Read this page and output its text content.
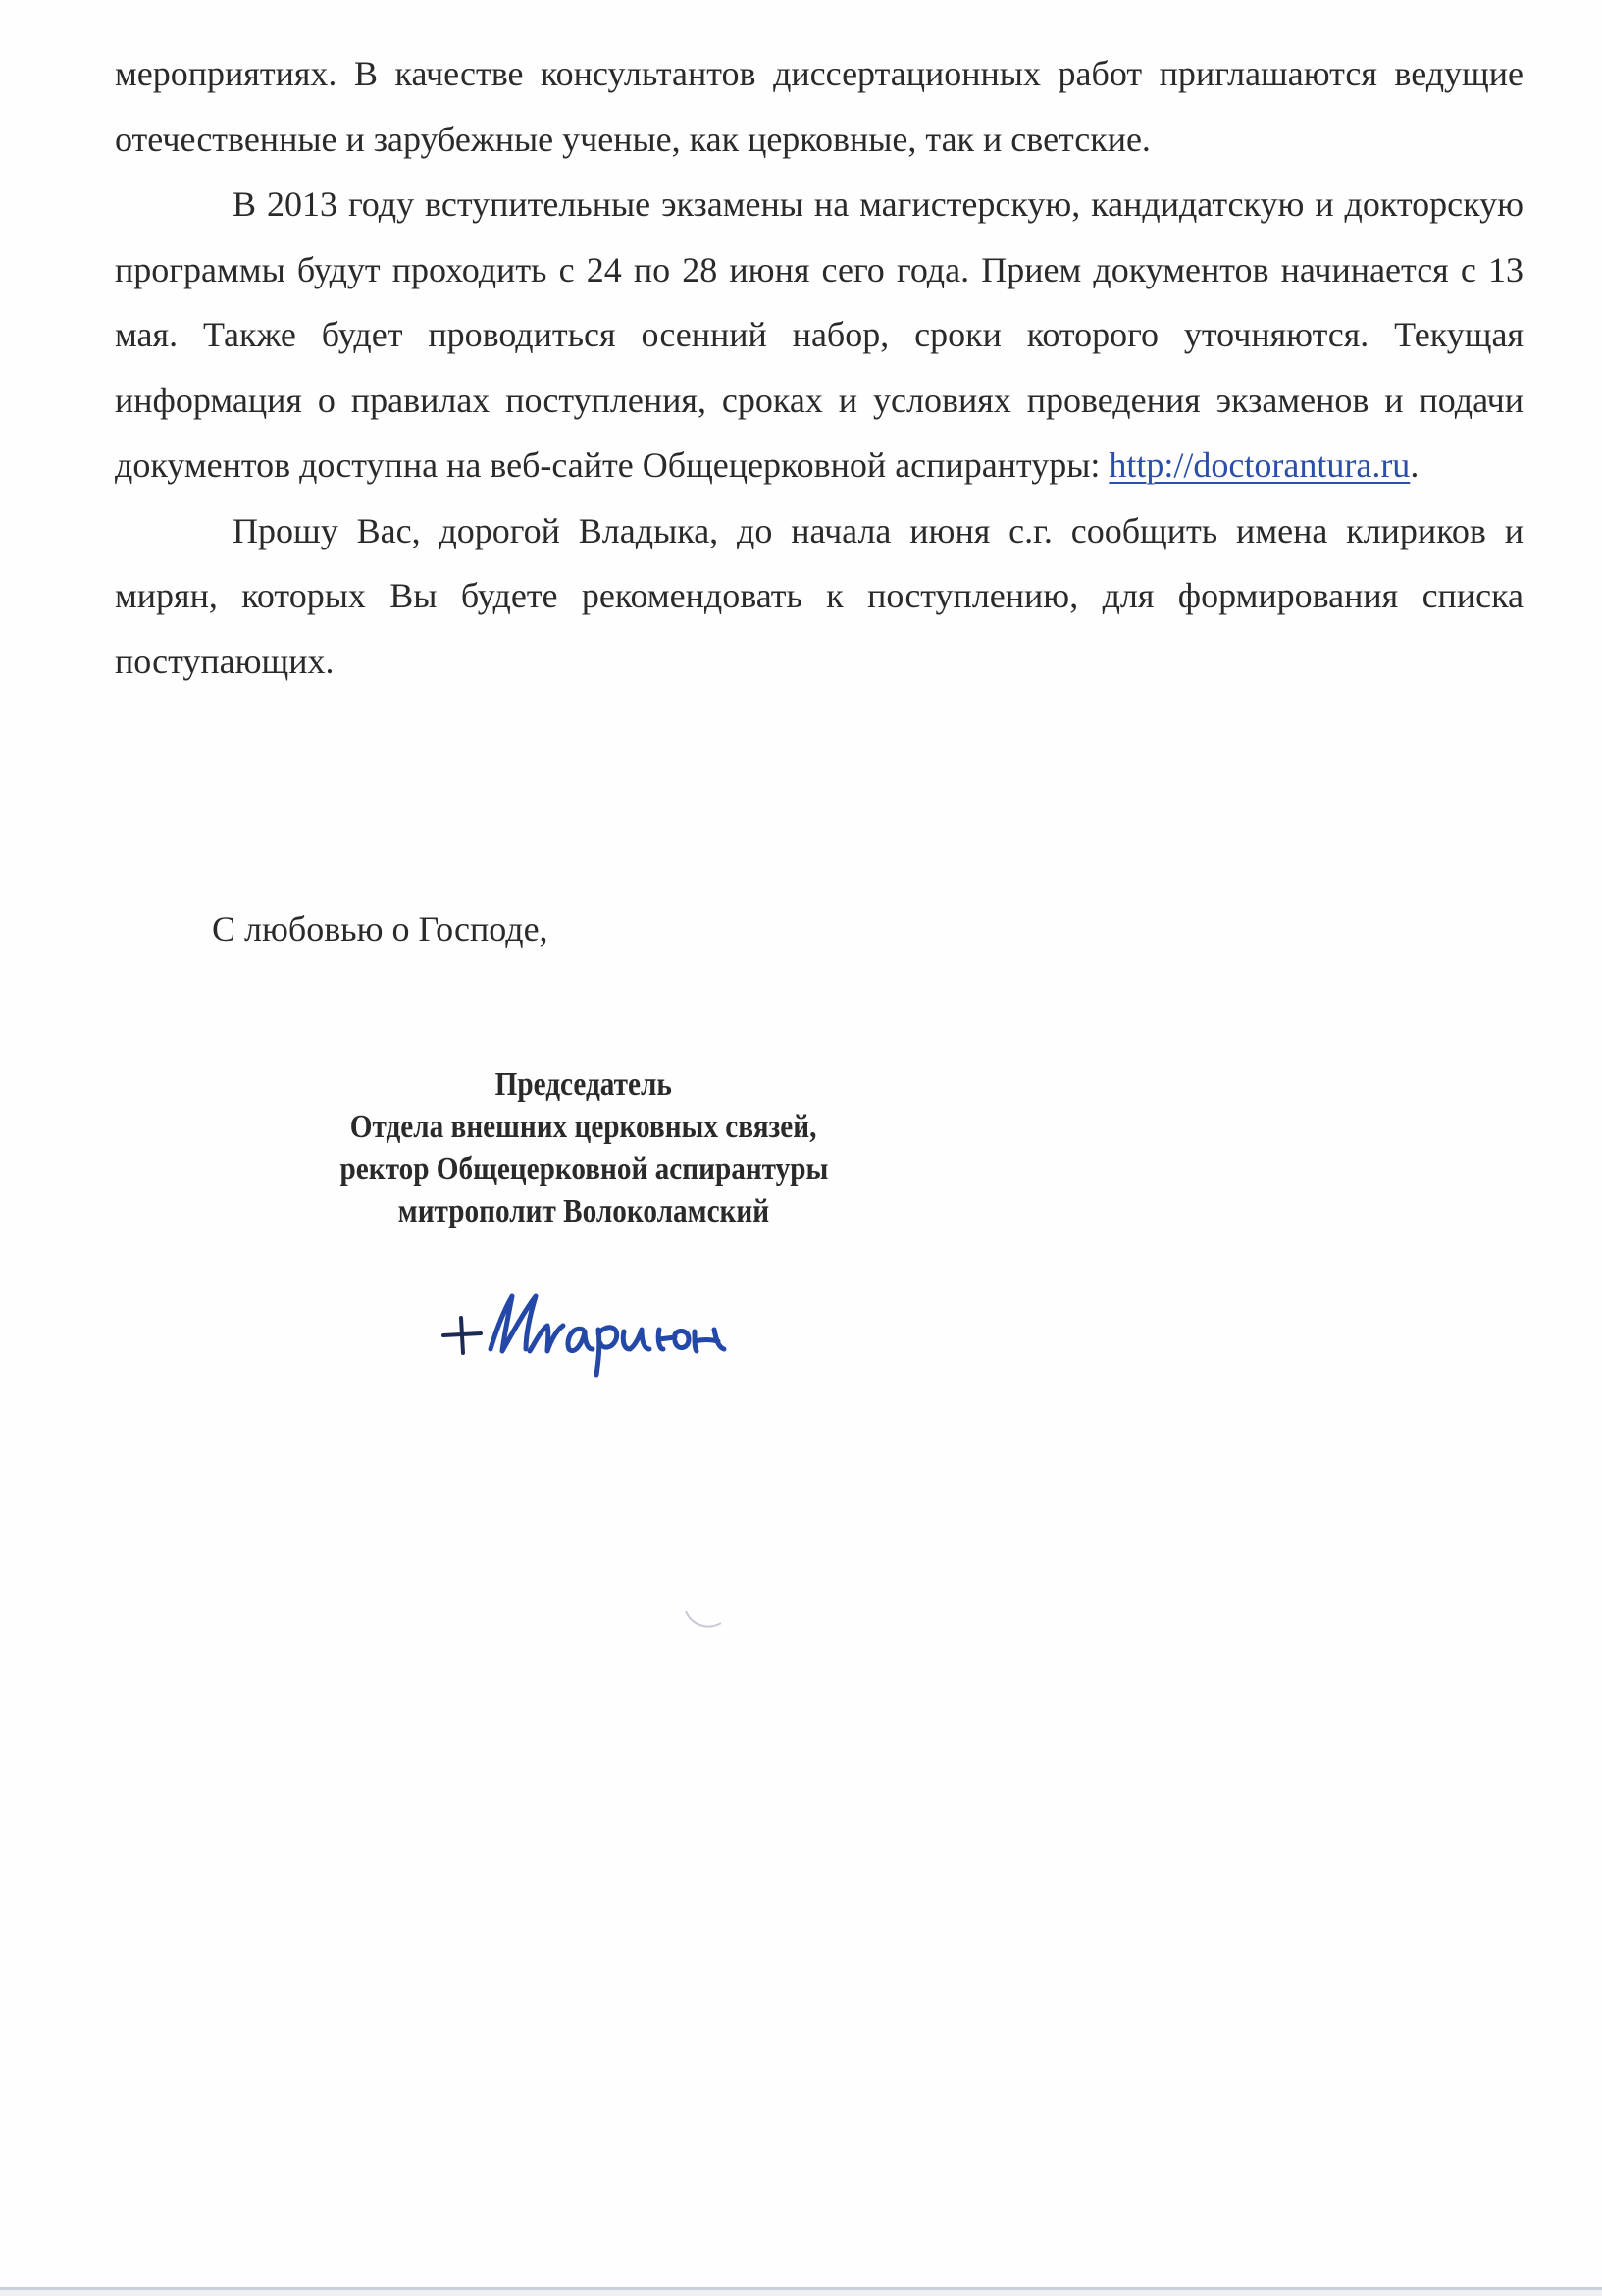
мероприятиях. В качестве консультантов диссертационных работ приглашаются ведущие отечественные и зарубежные ученые, как церковные, так и светские.

В 2013 году вступительные экзамены на магистерскую, кандидатскую и докторскую программы будут проходить с 24 по 28 июня сего года. Прием документов начинается с 13 мая. Также будет проводиться осенний набор, сроки которого уточняются. Текущая информация о правилах поступления, сроках и условиях проведения экзаменов и подачи документов доступна на веб-сайте Общецерковной аспирантуры: http://doctorantura.ru.

Прошу Вас, дорогой Владыка, до начала июня с.г. сообщить имена клириков и мирян, которых Вы будете рекомендовать к поступлению, для формирования списка поступающих.

С любовью о Господе,
Председатель
Отдела внешних церковных связей,
ректор Общецерковной аспирантуры
митрополит Волоколамский
